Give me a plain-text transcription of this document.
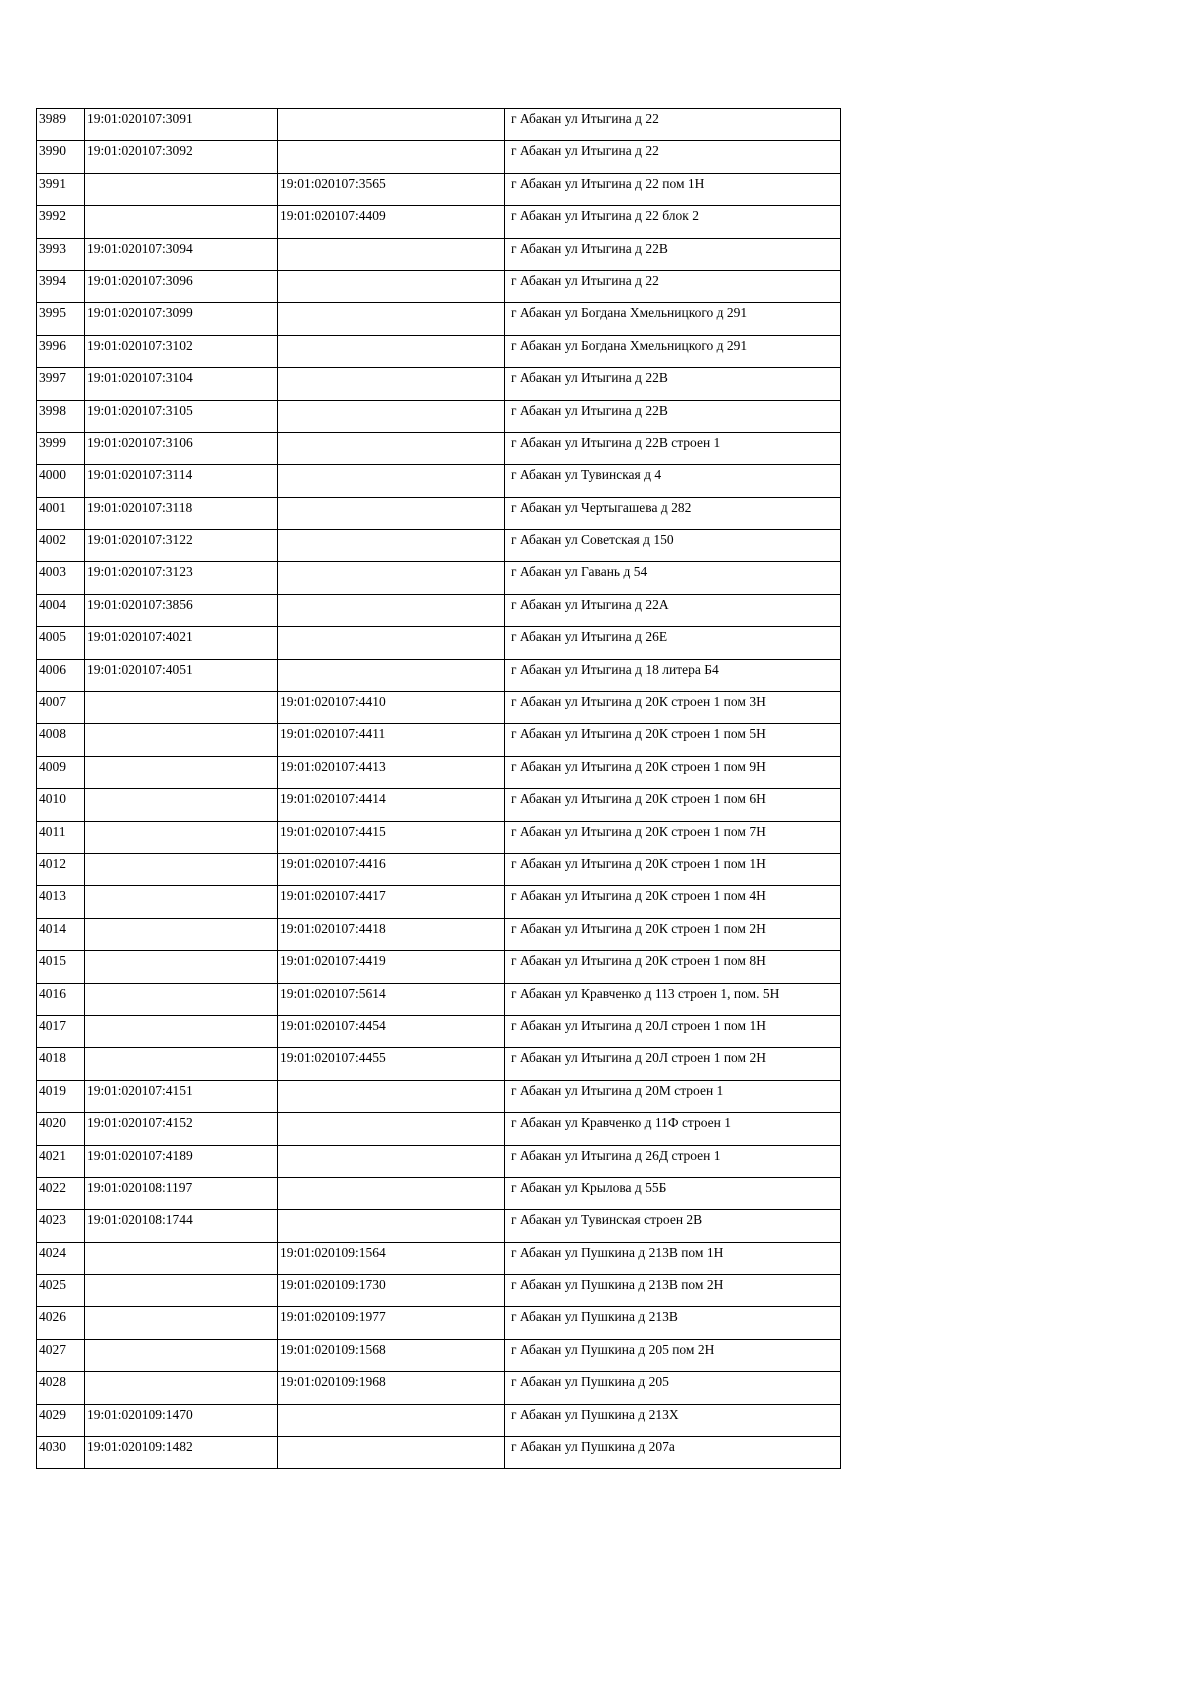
3989	19:01:020107:3091		г Абакан ул Итыгина д 22
3990	19:01:020107:3092		г Абакан ул Итыгина д 22
3991		19:01:020107:3565	г Абакан ул Итыгина д 22 пом 1Н
3992		19:01:020107:4409	г Абакан ул Итыгина д 22 блок 2
3993	19:01:020107:3094		г Абакан ул Итыгина д 22В
3994	19:01:020107:3096		г Абакан ул Итыгина д 22
3995	19:01:020107:3099		г Абакан ул Богдана Хмельницкого д 291
3996	19:01:020107:3102		г Абакан ул Богдана Хмельницкого д 291
3997	19:01:020107:3104		г Абакан ул Итыгина д 22В
3998	19:01:020107:3105		г Абакан ул Итыгина д 22В
3999	19:01:020107:3106		г Абакан ул Итыгина д 22В строен 1
4000	19:01:020107:3114		г Абакан ул Тувинская д 4
4001	19:01:020107:3118		г Абакан ул Чертыгашева д 282
4002	19:01:020107:3122		г Абакан ул Советская д 150
4003	19:01:020107:3123		г Абакан ул Гавань д 54
4004	19:01:020107:3856		г Абакан ул Итыгина д 22А
4005	19:01:020107:4021		г Абакан ул Итыгина д 26Е
4006	19:01:020107:4051		г Абакан ул Итыгина д 18 литера Б4
4007		19:01:020107:4410	г Абакан ул Итыгина д 20К строен 1 пом 3Н
4008		19:01:020107:4411	г Абакан ул Итыгина д 20К строен 1 пом 5Н
4009		19:01:020107:4413	г Абакан ул Итыгина д 20К строен 1 пом 9Н
4010		19:01:020107:4414	г Абакан ул Итыгина д 20К строен 1 пом 6Н
4011		19:01:020107:4415	г Абакан ул Итыгина д 20К строен 1 пом 7Н
4012		19:01:020107:4416	г Абакан ул Итыгина д 20К строен 1 пом 1Н
4013		19:01:020107:4417	г Абакан ул Итыгина д 20К строен 1 пом 4Н
4014		19:01:020107:4418	г Абакан ул Итыгина д 20К строен 1 пом 2Н
4015		19:01:020107:4419	г Абакан ул Итыгина д 20К строен 1 пом 8Н
4016		19:01:020107:5614	г Абакан ул Кравченко д 113 строен 1, пом. 5Н
4017		19:01:020107:4454	г Абакан ул Итыгина д 20Л строен 1 пом 1Н
4018		19:01:020107:4455	г Абакан ул Итыгина д 20Л строен 1 пом 2Н
4019	19:01:020107:4151		г Абакан ул Итыгина д 20М строен 1
4020	19:01:020107:4152		г Абакан ул Кравченко д 11Ф строен 1
4021	19:01:020107:4189		г Абакан ул Итыгина д 26Д строен 1
4022	19:01:020108:1197		г Абакан ул Крылова д 55Б
4023	19:01:020108:1744		г Абакан ул Тувинская строен 2В
4024		19:01:020109:1564	г Абакан ул Пушкина д 213В пом 1Н
4025		19:01:020109:1730	г Абакан ул Пушкина д 213В пом 2Н
4026		19:01:020109:1977	г Абакан ул Пушкина д 213В
4027		19:01:020109:1568	г Абакан ул Пушкина д 205 пом 2Н
4028		19:01:020109:1968	г Абакан ул Пушкина д 205
4029	19:01:020109:1470		г Абакан ул Пушкина д 213Х
4030	19:01:020109:1482		г Абакан ул Пушкина д 207а
